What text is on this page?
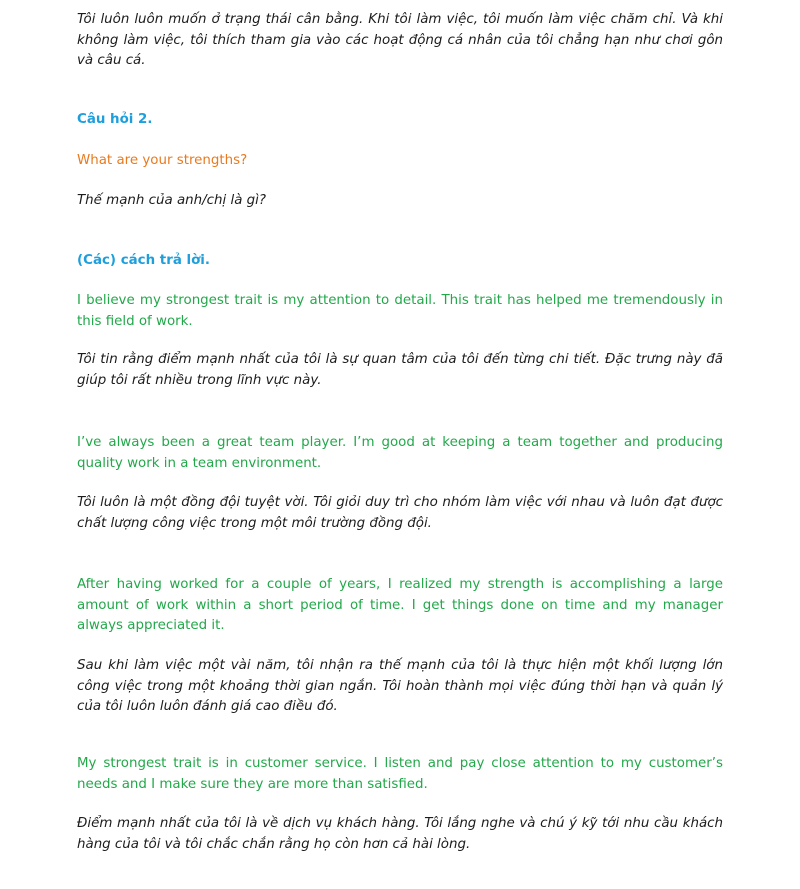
Tôi luôn luôn muốn ở trạng thái cân bằng. Khi tôi làm việc, tôi muốn làm việc chăm chỉ. Và khi không làm việc, tôi thích tham gia vào các hoạt động cá nhân của tôi chẳng hạn như chơi gôn và câu cá.

Câu hỏi 2.

What are your strengths?

Thế mạnh của anh/chị là gì?

(Các) cách trả lời.

I believe my strongest trait is my attention to detail. This trait has helped me tremendously in this field of work.

Tôi tin rằng điểm mạnh nhất của tôi là sự quan tâm của tôi đến từng chi tiết. Đặc trưng này đã giúp tôi rất nhiều trong lĩnh vực này.

I’ve always been a great team player. I’m good at keeping a team together and producing quality work in a team environment.

Tôi luôn là một đồng đội tuyệt vời. Tôi giỏi duy trì cho nhóm làm việc với nhau và luôn đạt được chất lượng công việc trong một môi trường đồng đội.

After having worked for a couple of years, I realized my strength is accomplishing a large amount of work within a short period of time. I get things done on time and my manager always appreciated it.

Sau khi làm việc một vài năm, tôi nhận ra thế mạnh của tôi là thực hiện một khối lượng lớn công việc trong một khoảng thời gian ngắn. Tôi hoàn thành mọi việc đúng thời hạn và quản lý của tôi luôn luôn đánh giá cao điều đó.

My strongest trait is in customer service. I listen and pay close attention to my customer’s needs and I make sure they are more than satisfied.

Điểm mạnh nhất của tôi là về dịch vụ khách hàng. Tôi lắng nghe và chú ý kỹ tới nhu cầu khách hàng của tôi và tôi chắc chắn rằng họ còn hơn cả hài lòng.
